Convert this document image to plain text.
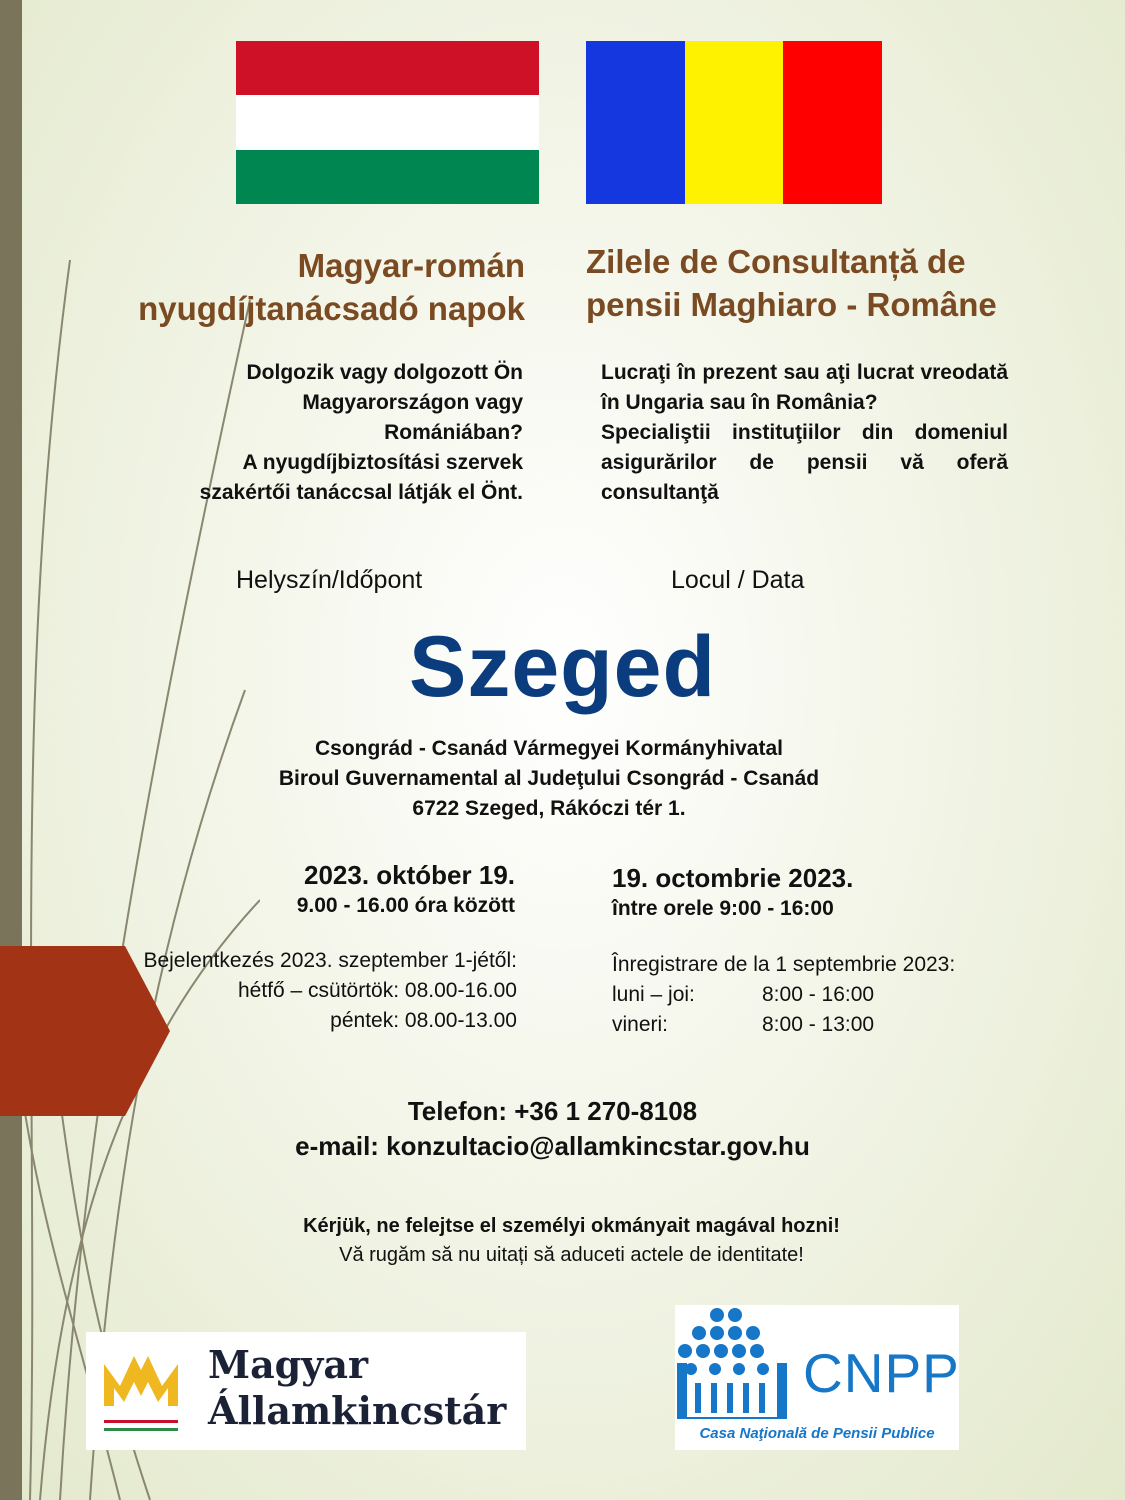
Magyar-román
nyugdíjtanácsadó napok
Zilele de Consultanță de
pensii Maghiaro - Române
Dolgozik vagy dolgozott Ön
Magyarországon vagy
Romániában?
A nyugdíjbiztosítási szervek
szakértői tanáccsal látják el Önt.
Lucraţi în prezent sau aţi lucrat vreodată în Ungaria sau în România?
Specialiştii instituţiilor din domeniul asigurărilor de pensii vă oferă consultanţă
Helyszín/Időpont	Locul / Data
Szeged
Csongrád - Csanád Vármegyei Kormányhivatal
Biroul Guvernamental al Judeţului Csongrád - Csanád
6722 Szeged, Rákóczi tér 1.
2023. október 19.
9.00 - 16.00 óra között
19. octombrie 2023.
între orele 9:00 - 16:00
Bejelentkezés 2023. szeptember 1-jétől:
hétfő – csütörtök: 08.00-16.00
péntek: 08.00-13.00
Înregistrare de la 1 septembrie 2023:
luni – joi:	8:00 - 16:00
vineri:	8:00 - 13:00
Telefon: +36 1 270-8108
e-mail: konzultacio@allamkincstar.gov.hu
Kérjük, ne felejtse el személyi okmányait magával hozni!
Vă rugăm să nu uitați să aduceti actele de identitate!
Magyar
Államkincstár
CNPP
Casa Naţională de Pensii Publice
